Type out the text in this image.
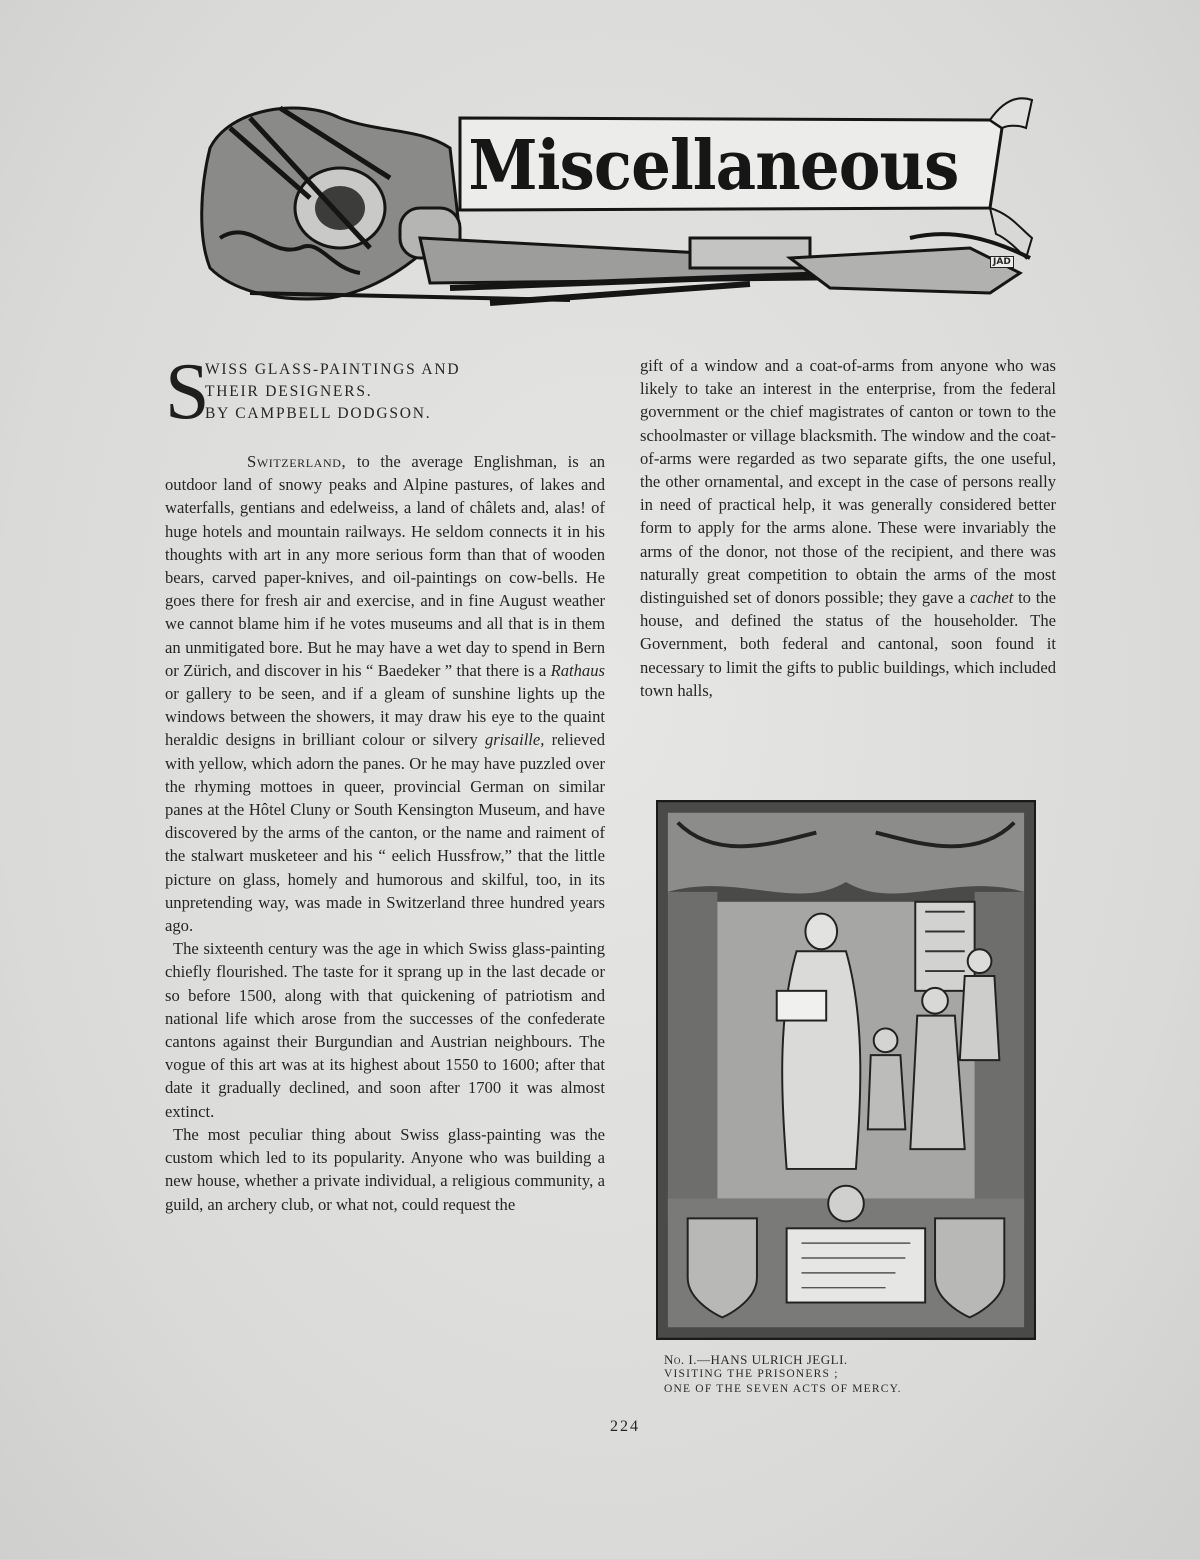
Miscellaneous
JAD
S
WISS GLASS-PAINTINGS AND
THEIR DESIGNERS.
BY CAMPBELL DODGSON.

Switzerland, to the average Englishman, is an outdoor land of snowy peaks and Alpine pastures, of lakes and waterfalls, gentians and edelweiss, a land of châlets and, alas! of huge hotels and mountain railways. He seldom connects it in his thoughts with art in any more serious form than that of wooden bears, carved paper-knives, and oil-paintings on cow-bells. He goes there for fresh air and exercise, and in fine August weather we cannot blame him if he votes museums and all that is in them an unmitigated bore. But he may have a wet day to spend in Bern or Zürich, and discover in his “ Baedeker ” that there is a Rathaus or gallery to be seen, and if a gleam of sunshine lights up the windows between the showers, it may draw his eye to the quaint heraldic designs in brilliant colour or silvery grisaille, relieved with yellow, which adorn the panes. Or he may have puzzled over the rhyming mottoes in queer, provincial German on similar panes at the Hôtel Cluny or South Kensington Museum, and have discovered by the arms of the canton, or the name and raiment of the stalwart musketeer and his “ eelich Hussfrow,” that the little picture on glass, homely and humorous and skilful, too, in its unpretending way, was made in Switzerland three hundred years ago.

The sixteenth century was the age in which Swiss glass-painting chiefly flourished. The taste for it sprang up in the last decade or so before 1500, along with that quickening of patriotism and national life which arose from the successes of the confederate cantons against their Burgundian and Austrian neighbours. The vogue of this art was at its highest about 1550 to 1600; after that date it gradually declined, and soon after 1700 it was almost extinct.

The most peculiar thing about Swiss glass-painting was the custom which led to its popularity. Anyone who was building a new house, whether a private individual, a religious community, a guild, an archery club, or what not, could request the

gift of a window and a coat-of-arms from anyone who was likely to take an interest in the enterprise, from the federal government or the chief magistrates of canton or town to the schoolmaster or village blacksmith. The window and the coat-of-arms were regarded as two separate gifts, the one useful, the other ornamental, and except in the case of persons really in need of practical help, it was generally considered better form to apply for the arms alone. These were invariably the arms of the donor, not those of the recipient, and there was naturally great competition to obtain the arms of the most distinguished set of donors possible; they gave a cachet to the house, and defined the status of the householder. The Government, both federal and cantonal, soon found it necessary to limit the gifts to public buildings, which included town halls,

No. I.—HANS ULRICH JEGLI.
VISITING THE PRISONERS ;
ONE OF THE SEVEN ACTS OF MERCY.
224
